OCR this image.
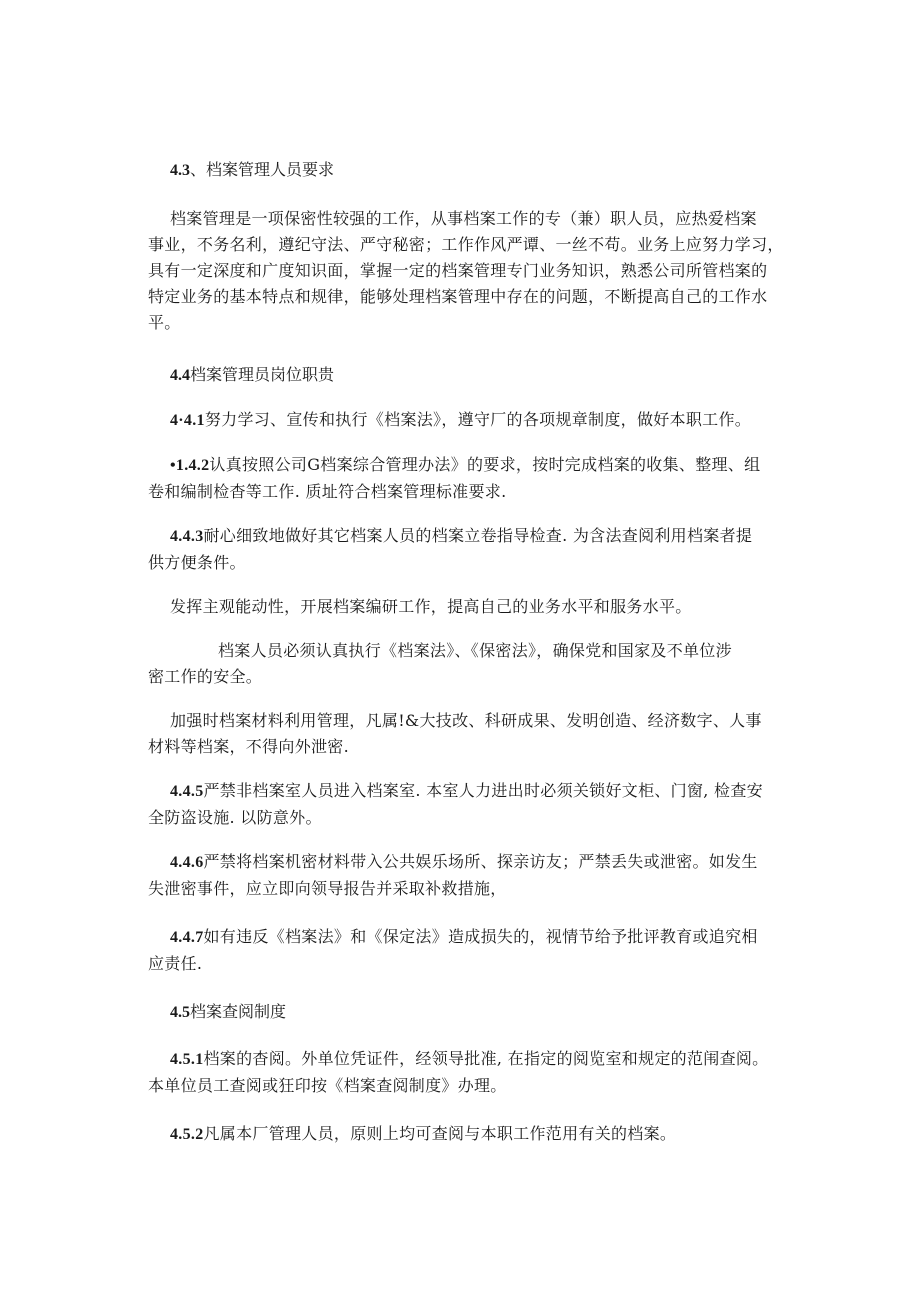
4.3、档案管理人员要求
档案管理是一项保密性较强的工作，从事档案工作的专（兼）职人员，应热爱档案
事业，不务名利，遵纪守法、严守秘密；工作作风严谭、一丝不苟。业务上应努力学习，
具有一定深度和广度知识面，掌握一定的档案管理专门业务知识，熟悉公司所管档案的
特定业务的基本特点和规律，能够处理档案管理中存在的问题，不断提高自己的工作水平。
4.4档案管理员岗位职贵
4·4.1努力学习、宣传和执行《档案法》，遵守厂的各项规章制度，做好本职工作。
•1.4.2认真按照公司G档案综合管理办法》的要求，按时完成档案的收集、整理、组
卷和编制检杳等工作. 质址符合档案管理标准要求.
4.4.3耐心细致地做好其它档案人员的档案立卷指导检查. 为含法查阅利用档案者提
供方便条件。
发挥主观能动性，开展档案编研工作，提高自己的业务水平和服务水平。
档案人员必须认真执行《档案法》、《保密法》，确保党和国家及不单位涉
密工作的安全。
加强时档案材料利用管理，凡属!&大技改、科研成果、发明创造、经济数字、人事
材料等档案，不得向外泄密.
4.4.5严禁非档案室人员进入档案室. 本室人力进出时必须关锁好文柜、门窗, 检查安
全防盗设施. 以防意外。
4.4.6严禁将档案机密材料带入公共娱乐场所、探亲访友；严禁丢失或泄密。如发生
失泄密事件，应立即向领导报告并采取补救措施，
4.4.7如有违反《档案法》和《保定法》造成损失的，视情节给予批评教育或追究相
应责任.
4.5档案查阅制度
4.5.1档案的杳阅。外单位凭证件，经领导批准, 在指定的阅览室和规定的范闱查阅。
本单位员工查阅或狂印按《档案查阅制度》办理。
4.5.2凡属本厂管理人员，原则上均可查阅与本职工作范用有关的档案。
